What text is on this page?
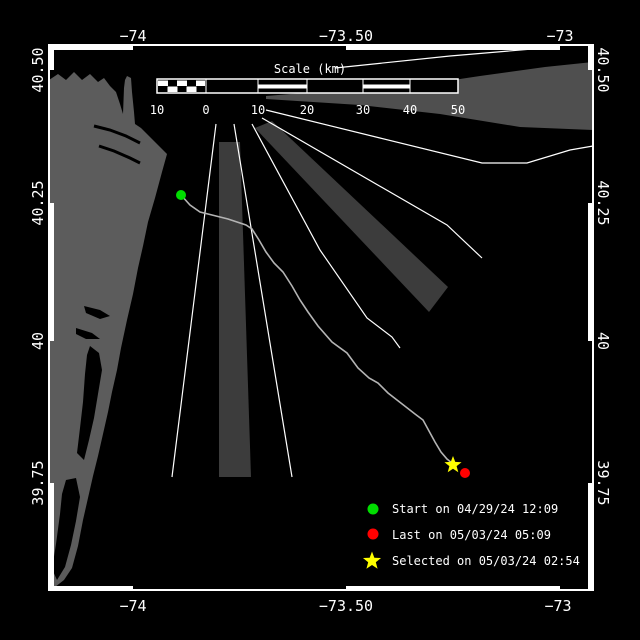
−74	−73.50	−73
−74	−73.50	−73
40.50
40.25
40
39.75
40.50
40.25
40
39.75
Scale (km)
10	0	10	20	30	40	50
Start on 04/29/24 12:09
Last on 05/03/24 05:09
Selected on 05/03/24 02:54
